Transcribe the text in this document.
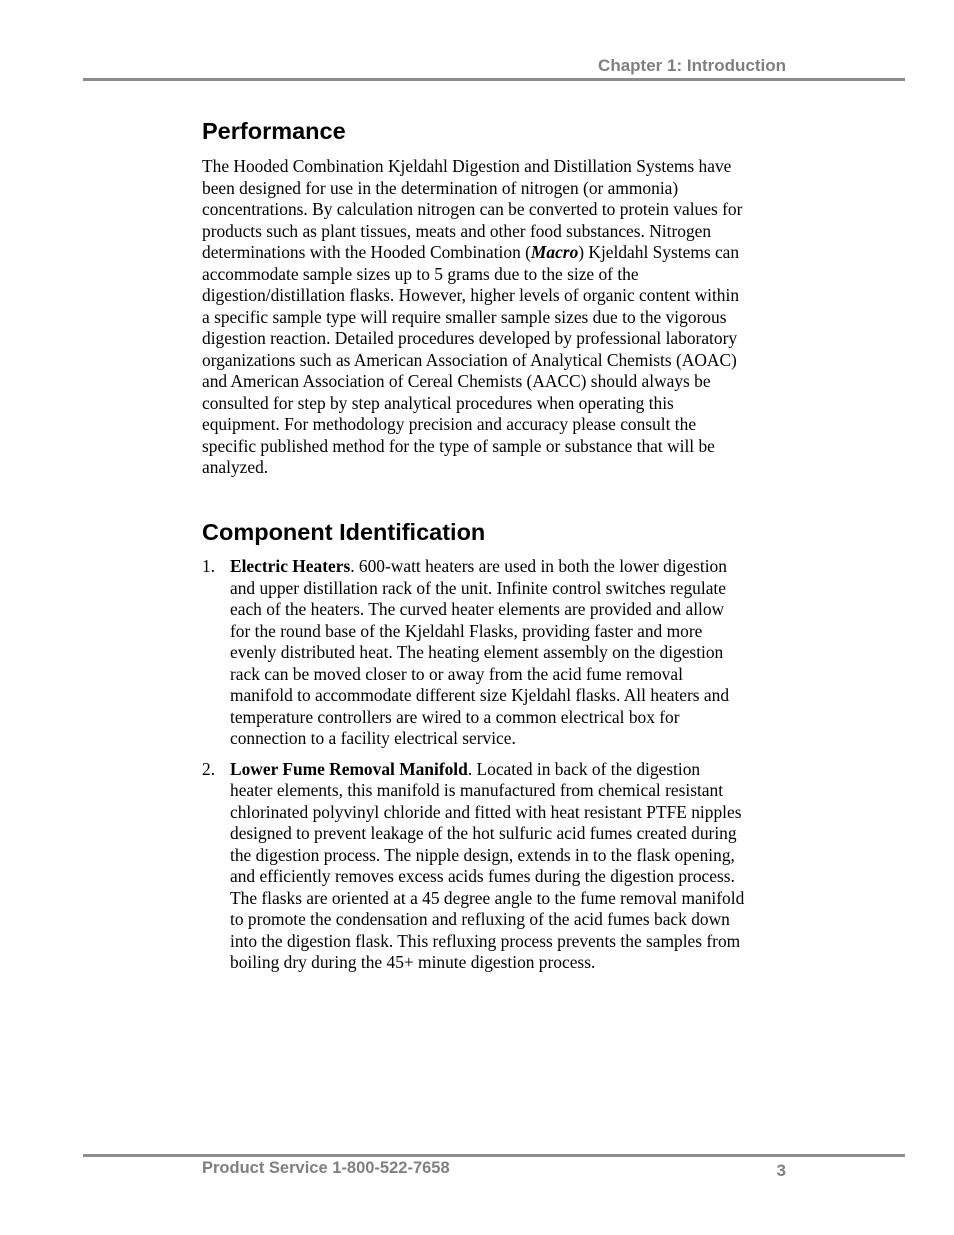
Chapter 1: Introduction
Performance

The Hooded Combination Kjeldahl Digestion and Distillation Systems have
been designed for use in the determination of nitrogen (or ammonia)
concentrations. By calculation nitrogen can be converted to protein values for
products such as plant tissues, meats and other food substances. Nitrogen
determinations with the Hooded Combination (Macro) Kjeldahl Systems can
accommodate sample sizes up to 5 grams due to the size of the
digestion/distillation flasks. However, higher levels of organic content within
a specific sample type will require smaller sample sizes due to the vigorous
digestion reaction. Detailed procedures developed by professional laboratory
organizations such as American Association of Analytical Chemists (AOAC)
and American Association of Cereal Chemists (AACC) should always be
consulted for step by step analytical procedures when operating this
equipment. For methodology precision and accuracy please consult the
specific published method for the type of sample or substance that will be
analyzed.

Component Identification
1. Electric Heaters. 600-watt heaters are used in both the lower digestion
and upper distillation rack of the unit. Infinite control switches regulate
each of the heaters. The curved heater elements are provided and allow
for the round base of the Kjeldahl Flasks, providing faster and more
evenly distributed heat. The heating element assembly on the digestion
rack can be moved closer to or away from the acid fume removal
manifold to accommodate different size Kjeldahl flasks. All heaters and
temperature controllers are wired to a common electrical box for
connection to a facility electrical service.
2. Lower Fume Removal Manifold. Located in back of the digestion
heater elements, this manifold is manufactured from chemical resistant
chlorinated polyvinyl chloride and fitted with heat resistant PTFE nipples
designed to prevent leakage of the hot sulfuric acid fumes created during
the digestion process. The nipple design, extends in to the flask opening,
and efficiently removes excess acids fumes during the digestion process.
The flasks are oriented at a 45 degree angle to the fume removal manifold
to promote the condensation and refluxing of the acid fumes back down
into the digestion flask. This refluxing process prevents the samples from
boiling dry during the 45+ minute digestion process.
Product Service 1-800-522-7658	3
